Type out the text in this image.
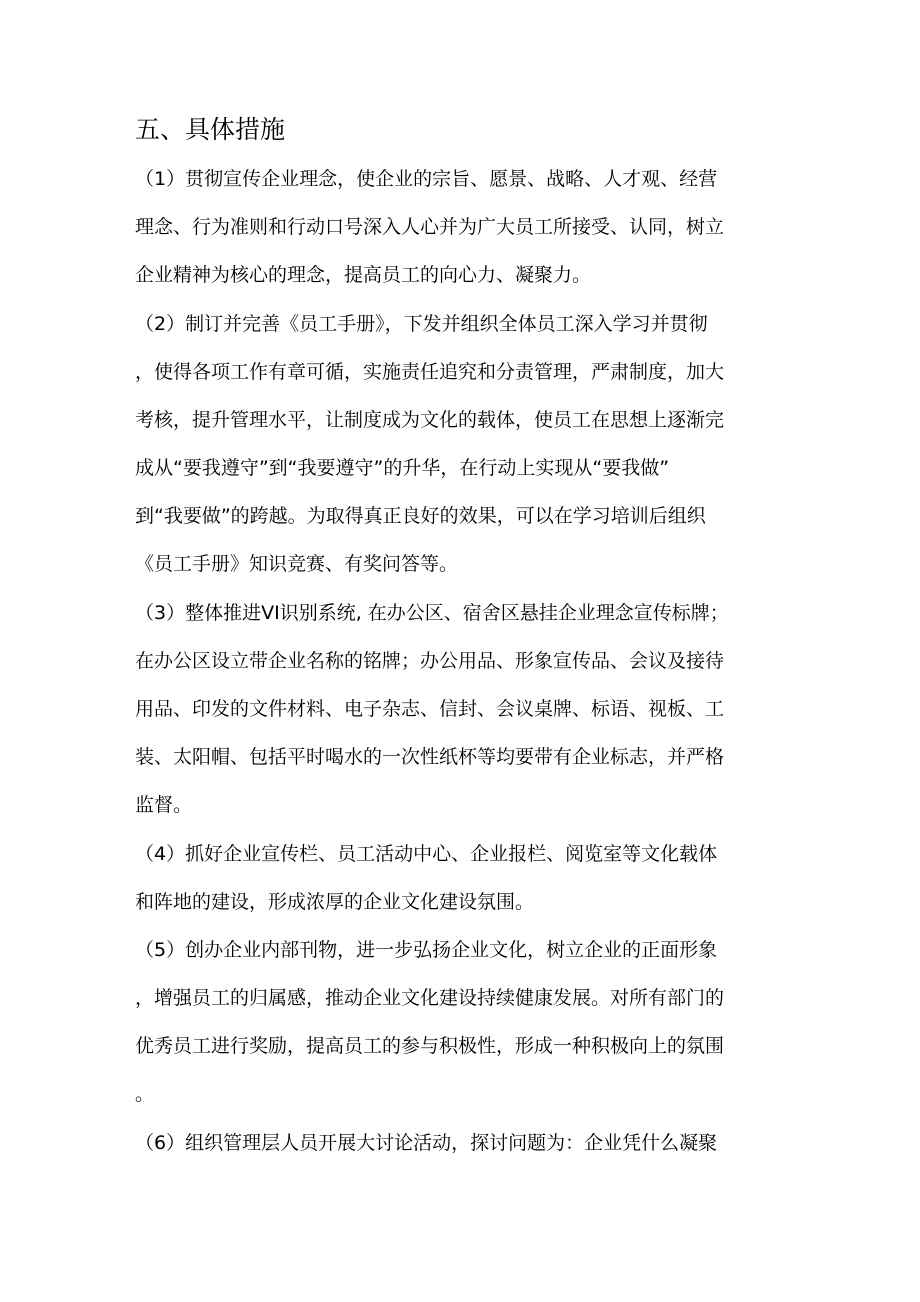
五、具体措施
（1）贯彻宣传企业理念，使企业的宗旨、愿景、战略、人才观、经营
理念、行为准则和行动口号深入人心并为广大员工所接受、认同，树立
企业精神为核心的理念，提高员工的向心力、凝聚力。
（2）制订并完善《员工手册》，下发并组织全体员工深入学习并贯彻
，使得各项工作有章可循，实施责任追究和分责管理，严肃制度，加大
考核，提升管理水平，让制度成为文化的载体，使员工在思想上逐渐完
成从“要我遵守”到“我要遵守”的升华，在行动上实现从“要我做”
到“我要做”的跨越。为取得真正良好的效果，可以在学习培训后组织
《员工手册》知识竞赛、有奖问答等。
（3）整体推进VI识别系统, 在办公区、宿舍区悬挂企业理念宣传标牌；
在办公区设立带企业名称的铭牌；办公用品、形象宣传品、会议及接待
用品、印发的文件材料、电子杂志、信封、会议桌牌、标语、视板、工
装、太阳帽、包括平时喝水的一次性纸杯等均要带有企业标志，并严格
监督。
（4）抓好企业宣传栏、员工活动中心、企业报栏、阅览室等文化载体
和阵地的建设，形成浓厚的企业文化建设氛围。
（5）创办企业内部刊物，进一步弘扬企业文化，树立企业的正面形象
，增强员工的归属感，推动企业文化建设持续健康发展。对所有部门的
优秀员工进行奖励，提高员工的参与积极性，形成一种积极向上的氛围
。
（6）组织管理层人员开展大讨论活动，探讨问题为：企业凭什么凝聚
